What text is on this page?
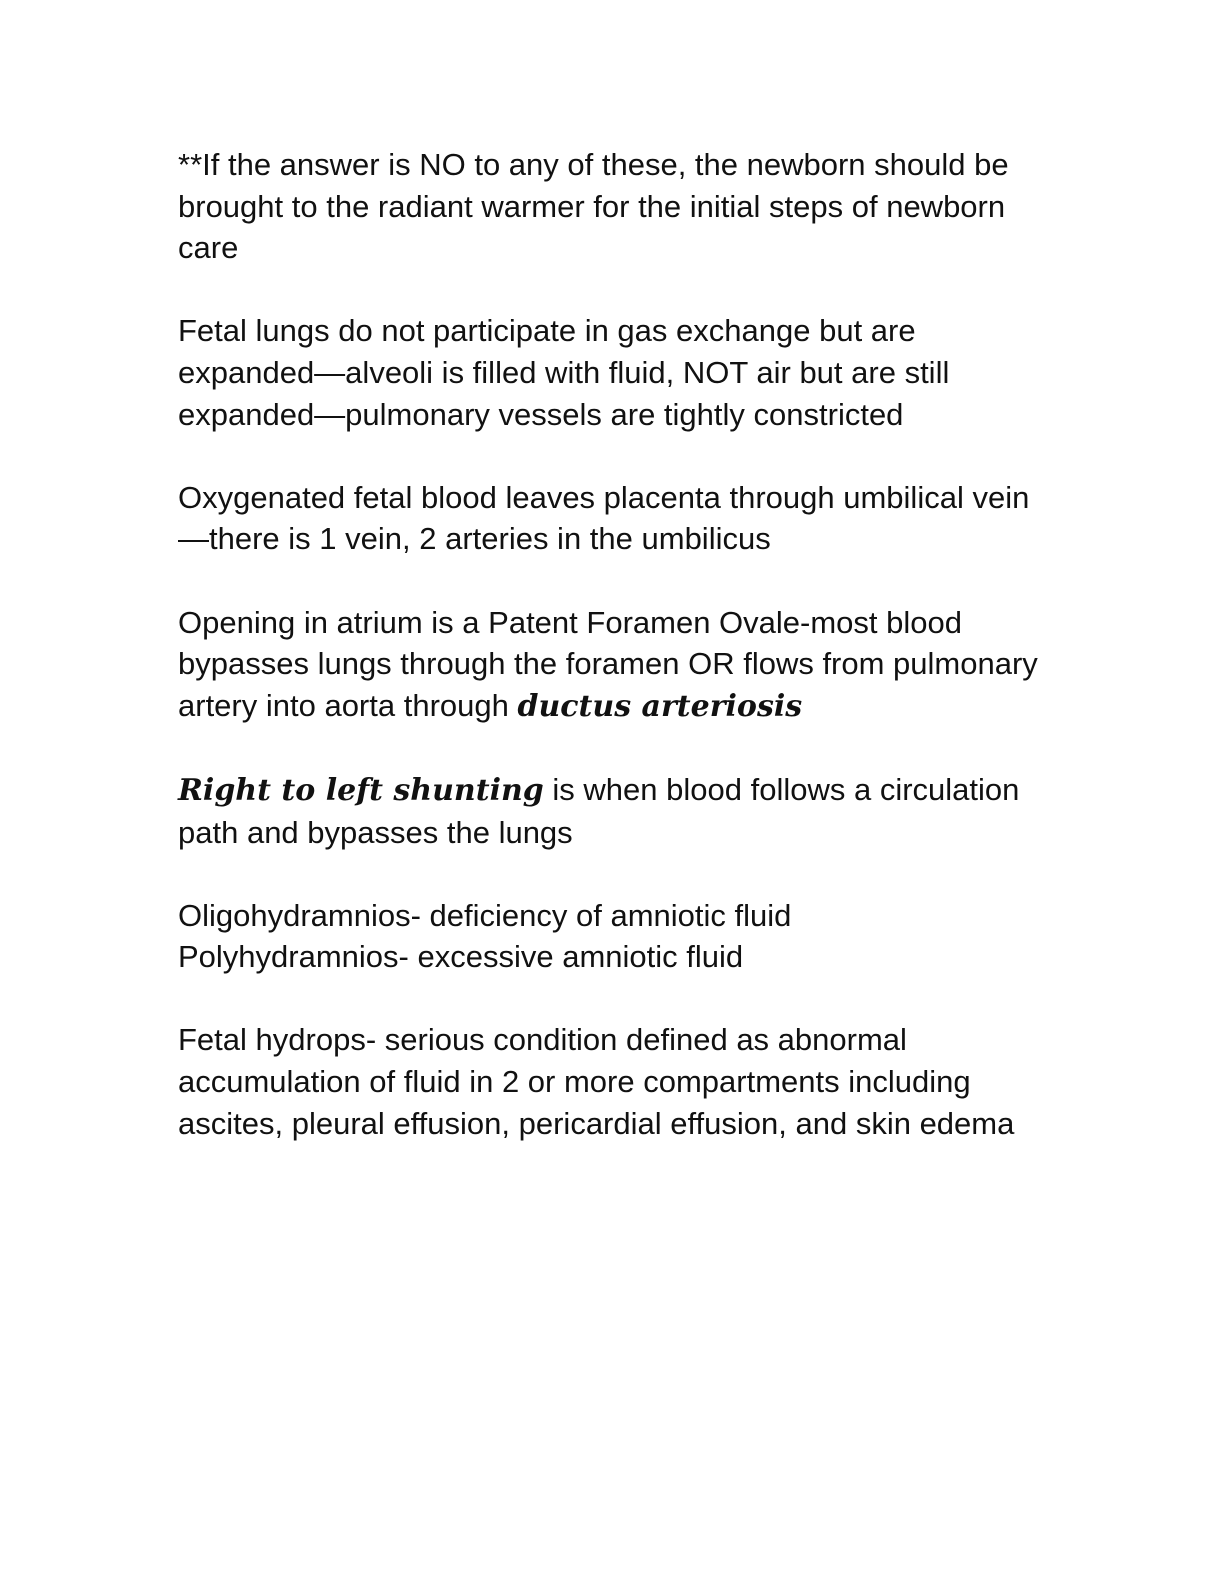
**If the answer is NO to any of these, the newborn should be brought to the radiant warmer for the initial steps of newborn care

Fetal lungs do not participate in gas exchange but are expanded—alveoli is filled with fluid, NOT air but are still expanded—pulmonary vessels are tightly constricted

Oxygenated fetal blood leaves placenta through umbilical vein—there is 1 vein, 2 arteries in the umbilicus

Opening in atrium is a Patent Foramen Ovale-most blood bypasses lungs through the foramen OR flows from pulmonary artery into aorta through ductus arteriosis

Right to left shunting is when blood follows a circulation path and bypasses the lungs

Oligohydramnios- deficiency of amniotic fluid
Polyhydramnios- excessive amniotic fluid

Fetal hydrops- serious condition defined as abnormal accumulation of fluid in 2 or more compartments including ascites, pleural effusion, pericardial effusion, and skin edema
